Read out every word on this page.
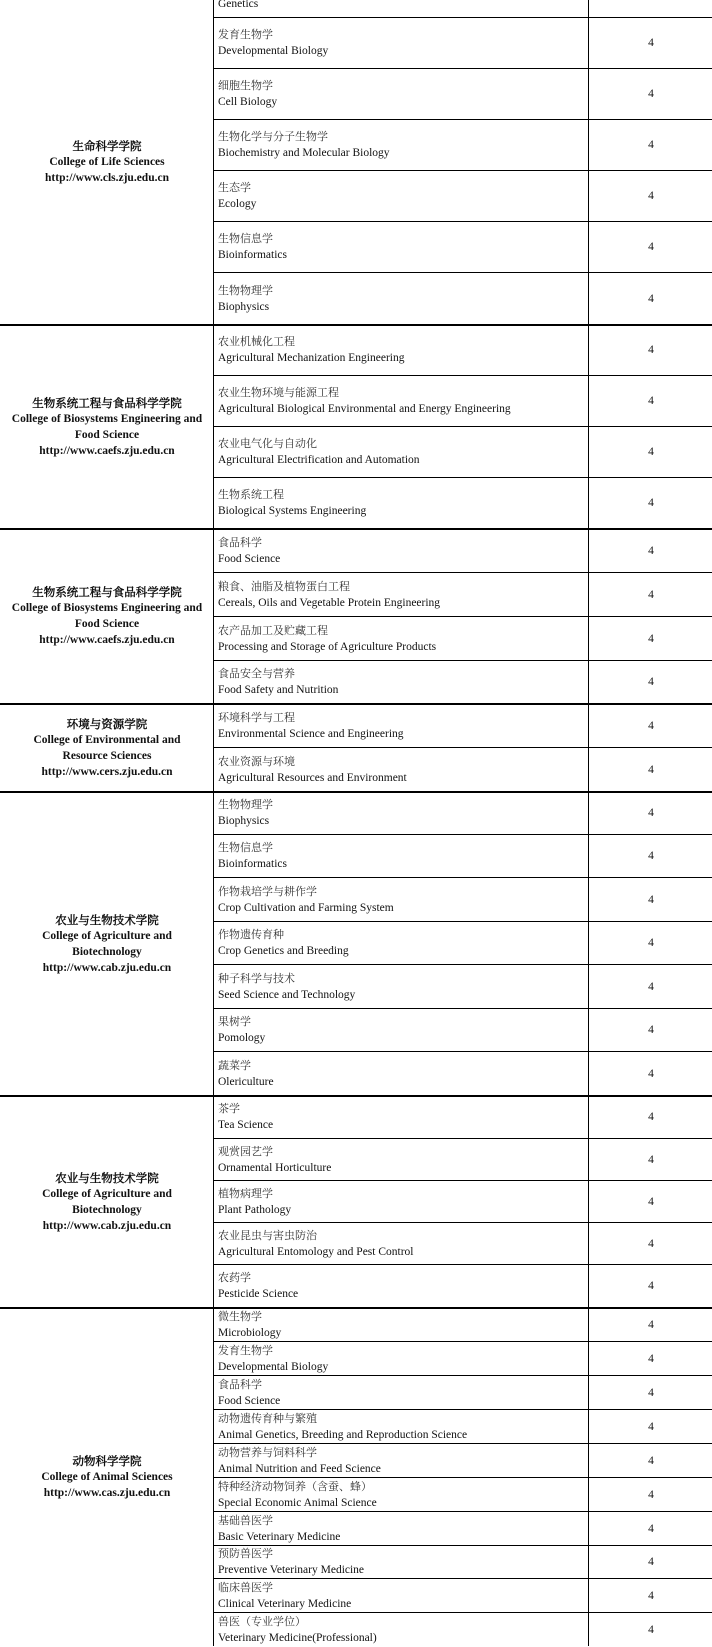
生命科学学院
College of Life Sciences
http://www.cls.zju.edu.cn
生物系统工程与食品科学学院
College of Biosystems Engineering and Food Science
http://www.caefs.zju.edu.cn
生物系统工程与食品科学学院
College of Biosystems Engineering and Food Science
http://www.caefs.zju.edu.cn
环境与资源学院
College of Environmental and Resource Sciences
http://www.cers.zju.edu.cn
农业与生物技术学院
College of Agriculture and Biotechnology
http://www.cab.zju.edu.cn
农业与生物技术学院
College of Agriculture and Biotechnology
http://www.cab.zju.edu.cn
动物科学学院
College of Animal Sciences
http://www.cas.zju.edu.cn
Genetics
发育生物学
Developmental Biology
4
细胞生物学
Cell Biology
4
生物化学与分子生物学
Biochemistry and Molecular Biology
4
生态学
Ecology
4
生物信息学
Bioinformatics
4
生物物理学
Biophysics
4
农业机械化工程
Agricultural Mechanization Engineering
4
农业生物环境与能源工程
Agricultural Biological Environmental and Energy Engineering
4
农业电气化与自动化
Agricultural Electrification and Automation
4
生物系统工程
Biological Systems Engineering
4
食品科学
Food Science
4
粮食、油脂及植物蛋白工程
Cereals, Oils and Vegetable Protein Engineering
4
农产品加工及贮藏工程
Processing and Storage of Agriculture Products
4
食品安全与营养
Food Safety and Nutrition
4
环境科学与工程
Environmental Science and Engineering
4
农业资源与环境
Agricultural Resources and Environment
4
生物物理学
Biophysics
4
生物信息学
Bioinformatics
4
作物栽培学与耕作学
Crop Cultivation and Farming System
4
作物遗传育种
Crop Genetics and Breeding
4
种子科学与技术
Seed Science and Technology
4
果树学
Pomology
4
蔬菜学
Olericulture
4
茶学
Tea Science
4
观赏园艺学
Ornamental Horticulture
4
植物病理学
Plant Pathology
4
农业昆虫与害虫防治
Agricultural Entomology and Pest Control
4
农药学
Pesticide Science
4
微生物学
Microbiology
4
发育生物学
Developmental Biology
4
食品科学
Food Science
4
动物遗传育种与繁殖
Animal Genetics, Breeding and Reproduction Science
4
动物营养与饲料科学
Animal Nutrition and Feed Science
4
特种经济动物饲养（含蚕、蜂）
Special Economic Animal Science
4
基础兽医学
Basic Veterinary Medicine
4
预防兽医学
Preventive Veterinary Medicine
4
临床兽医学
Clinical Veterinary Medicine
4
兽医（专业学位）
Veterinary Medicine(Professional)
4
